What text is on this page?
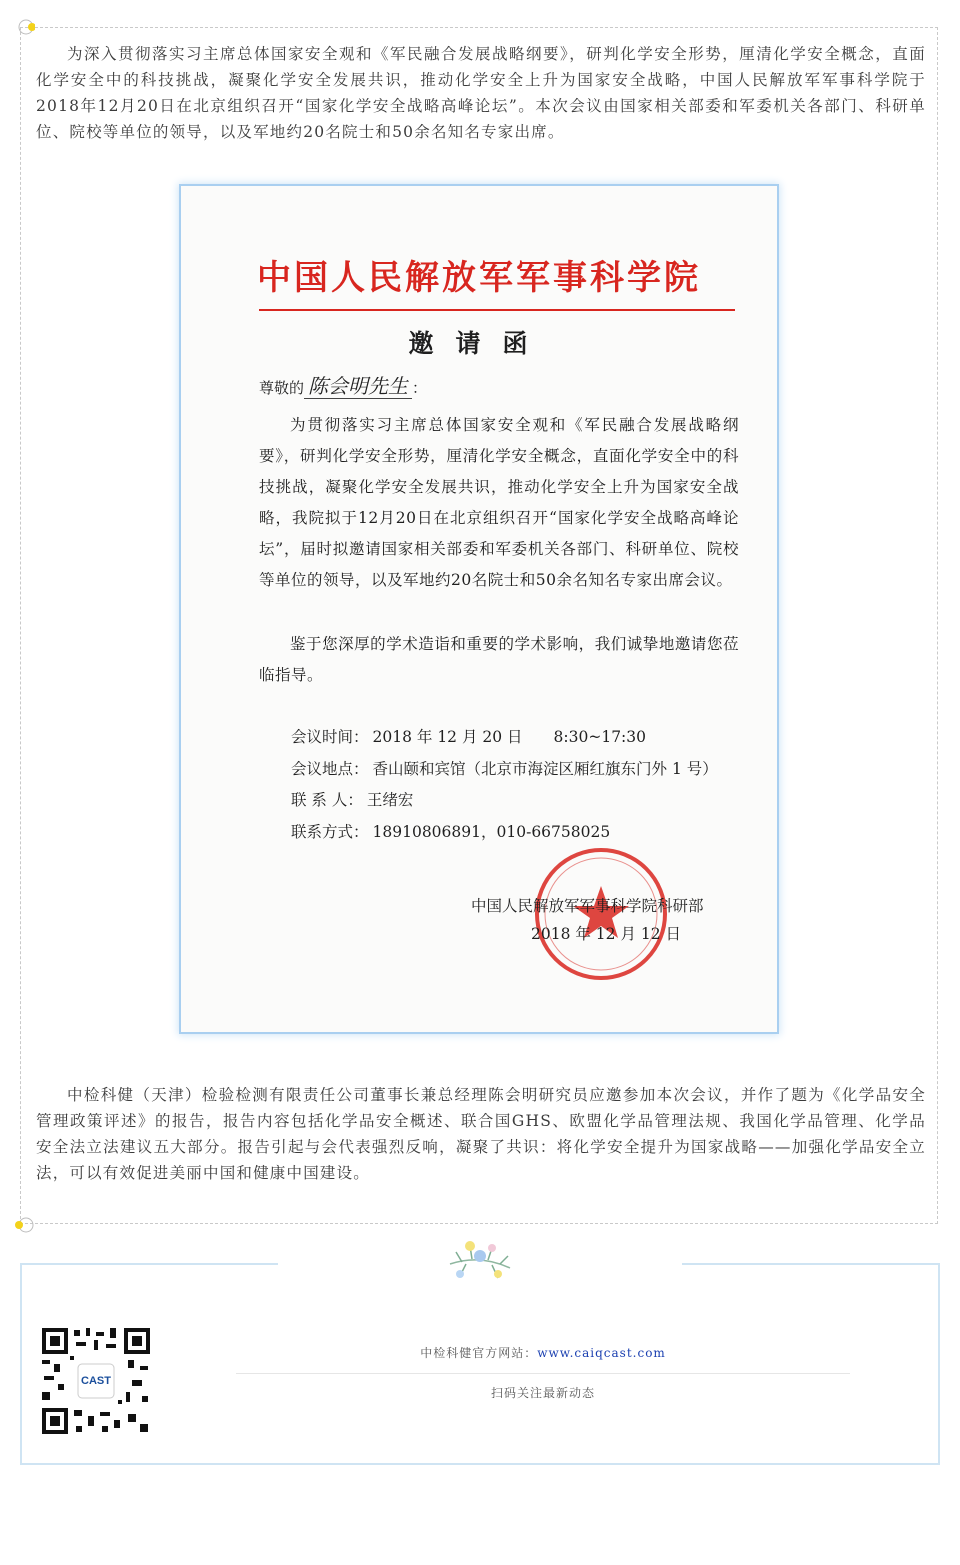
为深入贯彻落实习主席总体国家安全观和《军民融合发展战略纲要》，研判化学安全形势，厘清化学安全概念，直面化学安全中的科技挑战，凝聚化学安全发展共识，推动化学安全上升为国家安全战略，中国人民解放军军事科学院于2018年12月20日在北京组织召开“国家化学安全战略高峰论坛”。本次会议由国家相关部委和军委机关各部门、科研单位、院校等单位的领导，以及军地约20名院士和50余名知名专家出席。

中国人民解放军军事科学院
邀请函
尊敬的 陈会明先生 ：

为贯彻落实习主席总体国家安全观和《军民融合发展战略纲要》，研判化学安全形势，厘清化学安全概念，直面化学安全中的科技挑战，凝聚化学安全发展共识，推动化学安全上升为国家安全战略，我院拟于12月20日在北京组织召开“国家化学安全战略高峰论坛”，届时拟邀请国家相关部委和军委机关各部门、科研单位、院校等单位的领导，以及军地约20名院士和50余名知名专家出席会议。

鉴于您深厚的学术造诣和重要的学术影响，我们诚挚地邀请您莅临指导。

会议时间： 2018 年 12 月 20 日　　8:30~17:30
会议地点： 香山颐和宾馆（北京市海淀区厢红旗东门外 1 号）
联 系 人： 王绪宏
联系方式： 18910806891，010-66758025
中国人民解放军军事科学院科研部
2018 年 12 月 12 日

中检科健（天津）检验检测有限责任公司董事长兼总经理陈会明研究员应邀参加本次会议，并作了题为《化学品安全管理政策评述》的报告，报告内容包括化学品安全概述、联合国GHS、欧盟化学品管理法规、我国化学品管理、化学品安全法立法建议五大部分。报告引起与会代表强烈反响，凝聚了共识：将化学安全提升为国家战略——加强化学品安全立法，可以有效促进美丽中国和健康中国建设。

CAST
中检科健官方网站：www.caiqcast.com
扫码关注最新动态
